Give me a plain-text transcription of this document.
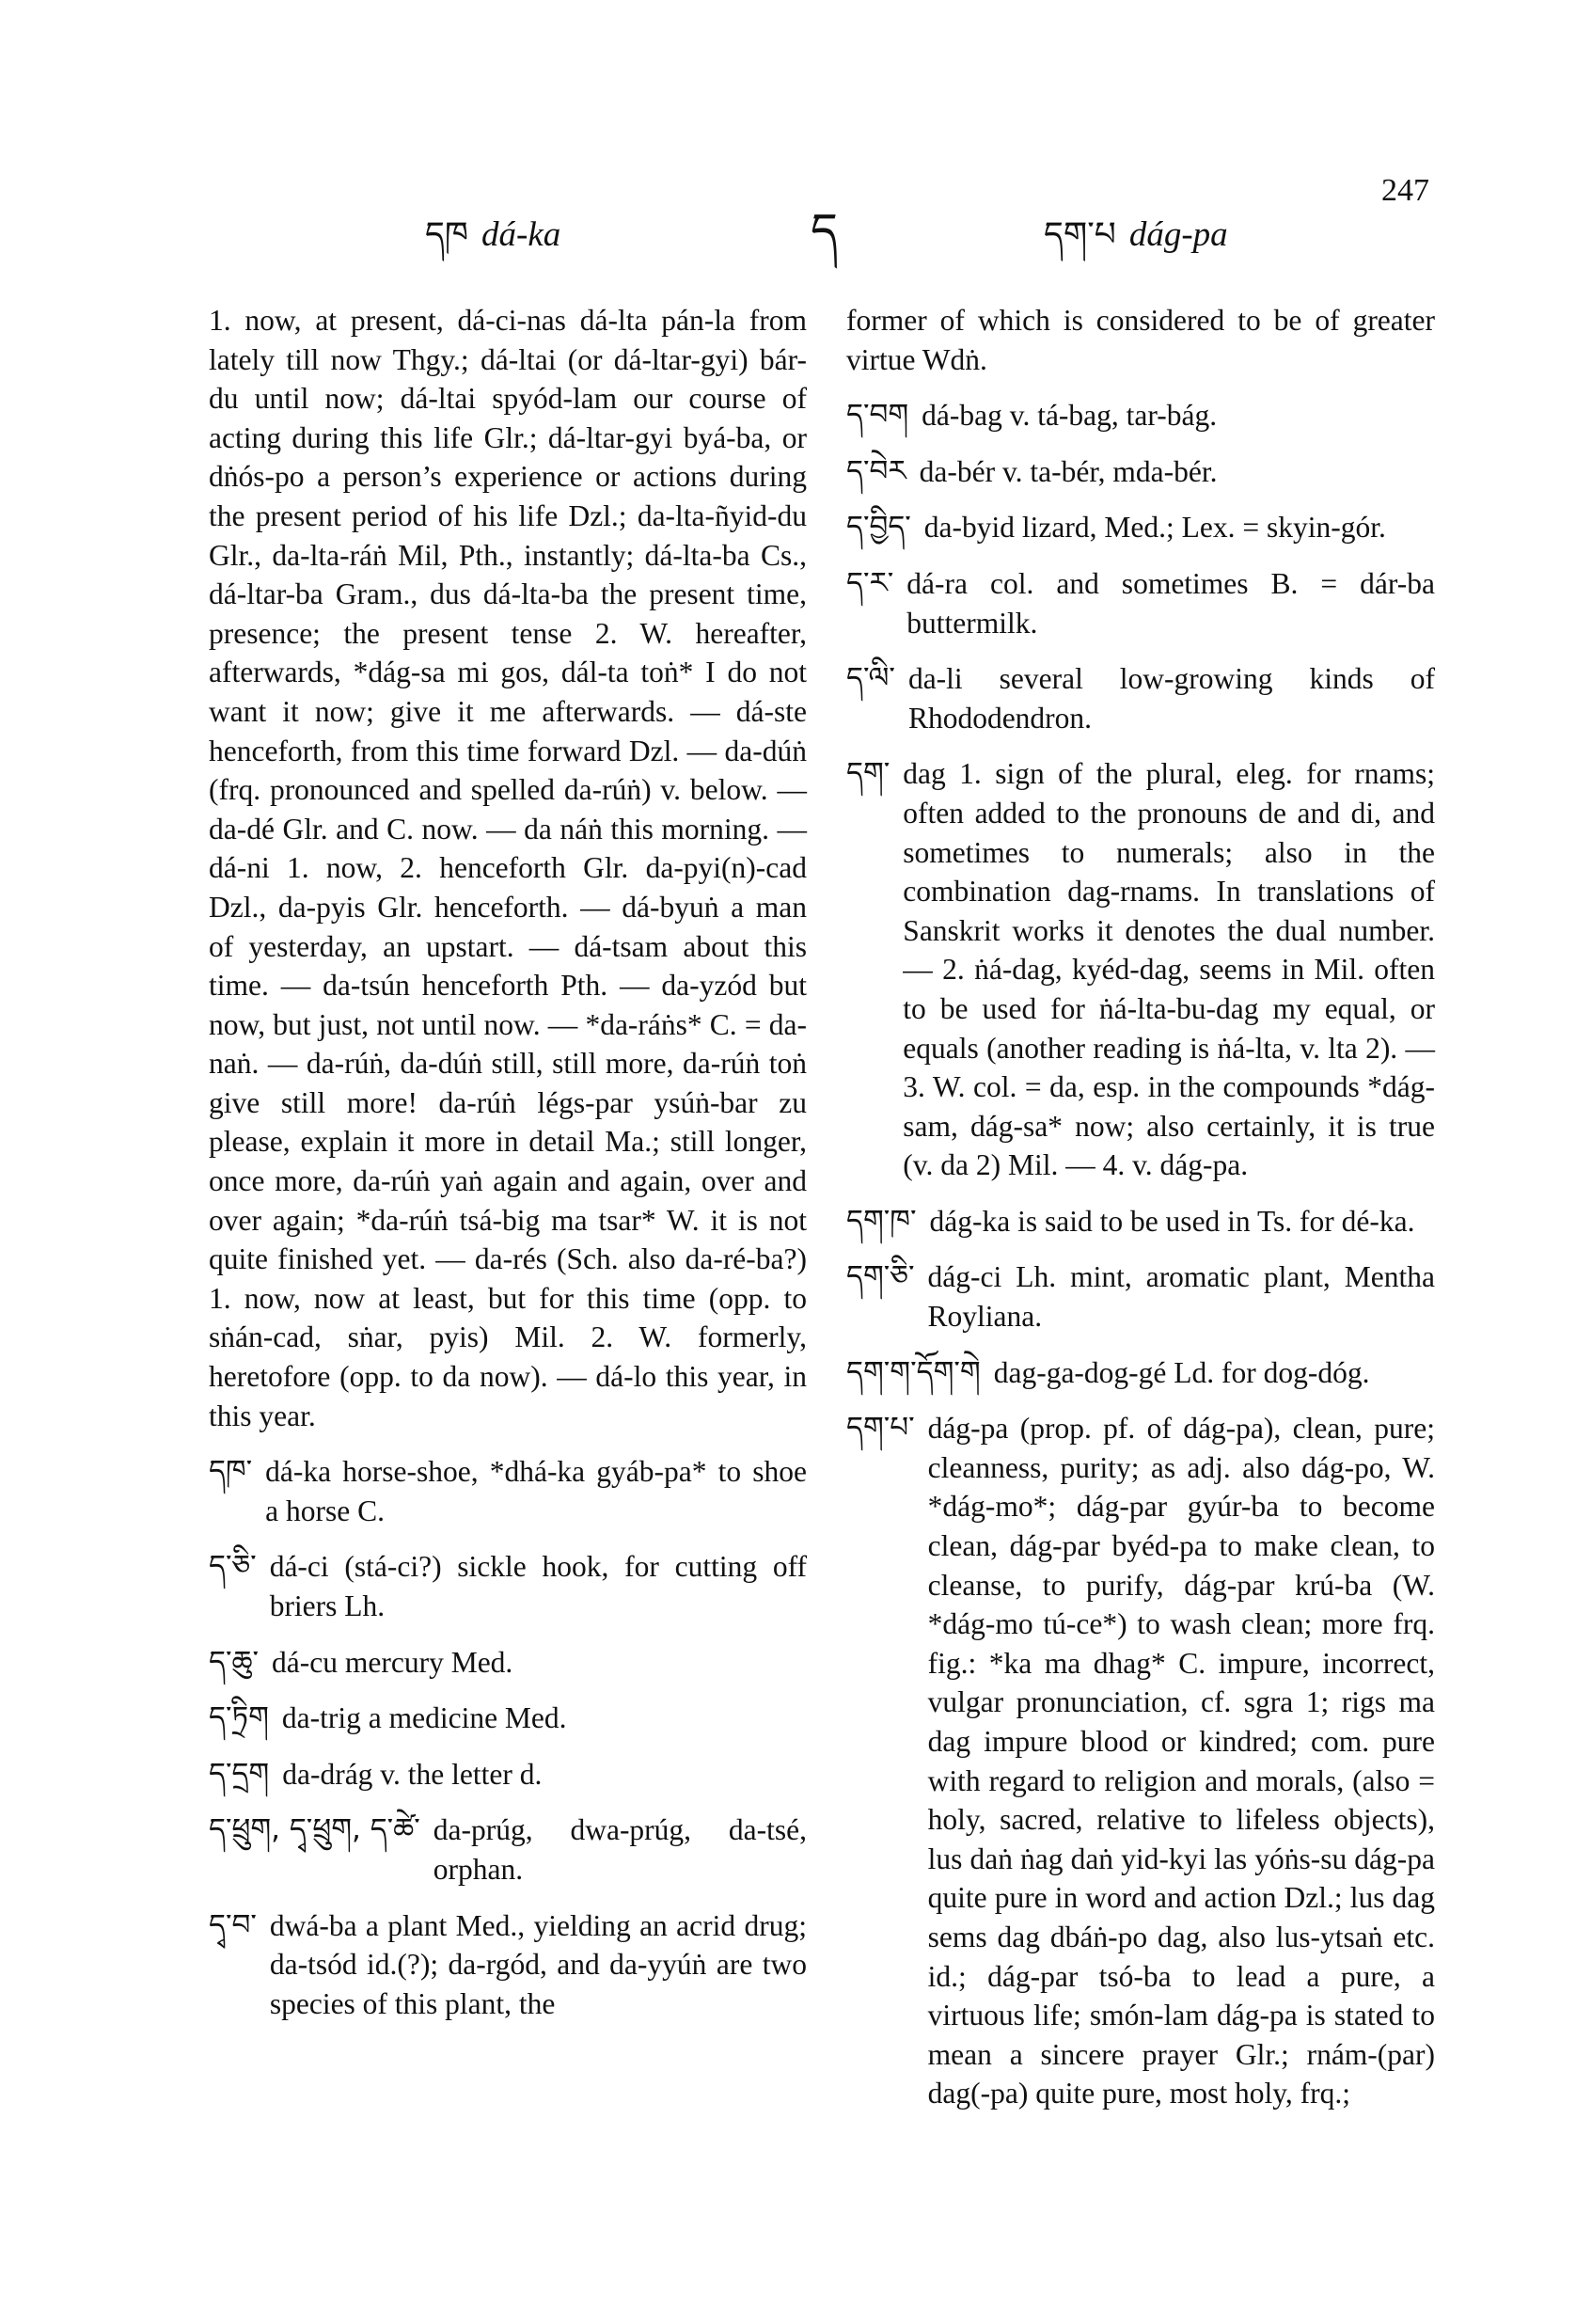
དཁ dá-ka	ད	དག་པ dág-pa
247

1. now, at present, dá-ci-nas dá-lta pán-la from lately till now Thgy.; dá-ltai (or dá-ltar-gyi) bár-du until now; dá-ltai spyód-lam our course of acting during this life Glr.; dá-ltar-gyi byá-ba, or dṅós-po a person’s experience or actions during the present period of his life Dzl.; da-lta-ñyid-du Glr., da-lta-ráṅ Mil, Pth., instantly; dá-lta-ba Cs., dá-ltar-ba Gram., dus dá-lta-ba the present time, presence; the present tense 2. W. hereafter, afterwards, *dág-sa mi gos, dál-ta toṅ* I do not want it now; give it me afterwards. — dá-ste henceforth, from this time forward Dzl. — da-dúṅ (frq. pronounced and spelled da-rúṅ) v. below. — da-dé Glr. and C. now. — da náṅ this morning. — dá-ni 1. now, 2. henceforth Glr. da-pyi(n)-cad Dzl., da-pyis Glr. henceforth. — dá-byuṅ a man of yesterday, an upstart. — dá-tsam about this time. — da-tsún henceforth Pth. — da-yzód but now, but just, not until now. — *da-ráṅs* C. = da-naṅ. — da-rúṅ, da-dúṅ still, still more, da-rúṅ toṅ give still more! da-rúṅ légs-par ysúṅ-bar zu please, explain it more in detail Ma.; still longer, once more, da-rúṅ yaṅ again and again, over and over again; *da-rúṅ tsá-big ma tsar* W. it is not quite finished yet. — da-rés (Sch. also da-ré-ba?) 1. now, now at least, but for this time (opp. to sṅán-cad, sṅar, pyis) Mil. 2. W. formerly, heretofore (opp. to da now). — dá-lo this year, in this year.

དཁ་ dá-ka horse-shoe, *dhá-ka gyáb-pa* to shoe a horse C.
ད་ཅི་ dá-ci (stá-ci?) sickle hook, for cutting off briers Lh.
ད་ཆུ་ dá-cu mercury Med.
ད་ཏྲིག da-trig a medicine Med.
ད་དྲག da-drág v. the letter d.
ད་ཕྲུག, དྭ་ཕྲུག, ད་ཚེ་ da-prúg, dwa-prúg, da-tsé, orphan.
དྭ་བ་ dwá-ba a plant Med., yielding an acrid drug; da-tsód id.(?); da-rgód, and da-yyúṅ are two species of this plant, the

former of which is considered to be of greater virtue Wdṅ.

ད་བག dá-bag v. tá-bag, tar-bág.
ད་བེར da-bér v. ta-bér, mda-bér.
ད་བྱིད་ da-byid lizard, Med.; Lex. = skyin-gór.
ད་ར་ dá-ra col. and sometimes B. = dár-ba buttermilk.
ད་ལི་ da-li several low-growing kinds of Rhododendron.
དག་ dag 1. sign of the plural, eleg. for rnams; often added to the pronouns de and di, and sometimes to numerals; also in the combination dag-rnams. In translations of Sanskrit works it denotes the dual number. — 2. ṅá-dag, kyéd-dag, seems in Mil. often to be used for ṅá-lta-bu-dag my equal, or equals (another reading is ṅá-lta, v. lta 2). — 3. W. col. = da, esp. in the compounds *dág-sam, dág-sa* now; also certainly, it is true (v. da 2) Mil. — 4. v. dág-pa.
དག་ཁ་ dág-ka is said to be used in Ts. for dé-ka.
དག་ཅི་ dág-ci Lh. mint, aromatic plant, Mentha Royliana.
དག་ག་དོག་གེ dag-ga-dog-gé Ld. for dog-dóg.
དག་པ་ dág-pa (prop. pf. of dág-pa), clean, pure; cleanness, purity; as adj. also dág-po, W. *dág-mo*; dág-par gyúr-ba to become clean, dág-par byéd-pa to make clean, to cleanse, to purify, dág-par krú-ba (W. *dág-mo tú-ce*) to wash clean; more frq. fig.: *ka ma dhag* C. impure, incorrect, vulgar pronunciation, cf. sgra 1; rigs ma dag impure blood or kindred; com. pure with regard to religion and morals, (also = holy, sacred, relative to lifeless objects), lus daṅ ṅag daṅ yid-kyi las yóṅs-su dág-pa quite pure in word and action Dzl.; lus dag sems dag dbáṅ-po dag, also lus-ytsaṅ etc. id.; dág-par tsó-ba to lead a pure, a virtuous life; smón-lam dág-pa is stated to mean a sincere prayer Glr.; rnám-(par) dag(-pa) quite pure, most holy, frq.;
